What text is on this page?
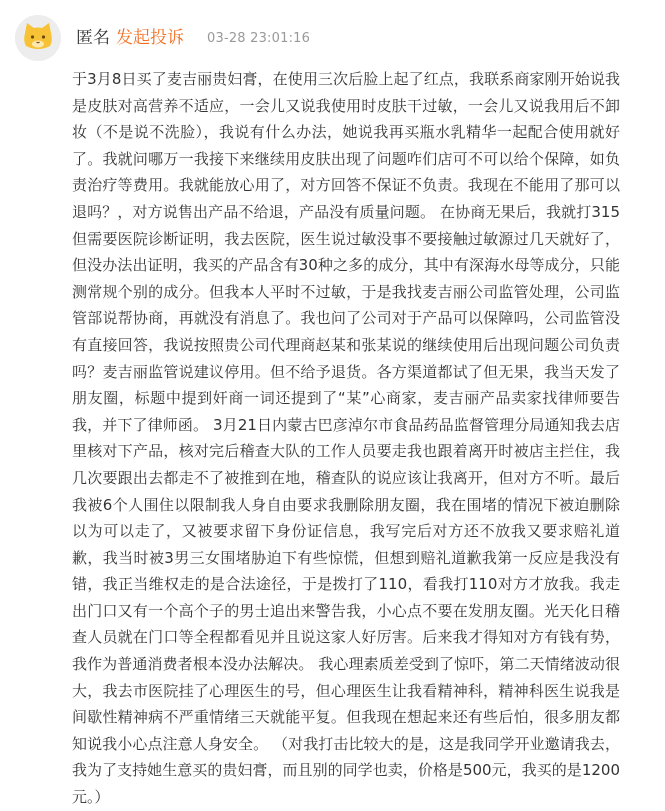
匿名 发起投诉 03-28 23:01:16

于3月8日买了麦吉丽贵妇膏，在使用三次后脸上起了红点，我联系商家刚开始说我是皮肤对高营养不适应，一会儿又说我使用时皮肤干过敏，一会儿又说我用后不卸妆（不是说不洗脸），我说有什么办法，她说我再买瓶水乳精华一起配合使用就好了。我就问哪万一我接下来继续用皮肤出现了问题咋们店可不可以给个保障，如负责治疗等费用。我就能放心用了，对方回答不保证不负责。我现在不能用了那可以退吗？，对方说售出产品不给退，产品没有质量问题。 在协商无果后，我就打315但需要医院诊断证明，我去医院，医生说过敏没事不要接触过敏源过几天就好了，但没办法出证明，我买的产品含有30种之多的成分，其中有深海水母等成分，只能测常规个别的成分。但我本人平时不过敏，于是我找麦吉丽公司监管处理，公司监管部说帮协商，再就没有消息了。我也问了公司对于产品可以保障吗，公司监管没有直接回答，我说按照贵公司代理商赵某和张某说的继续使用后出现问题公司负责吗？麦吉丽监管说建议停用。但不给予退货。各方渠道都试了但无果，我当天发了朋友圈，标题中提到奸商一词还提到了“某”心商家，麦吉丽产品卖家找律师要告我，并下了律师函。 3月21日内蒙古巴彦淖尔市食品药品监督管理分局通知我去店里核对下产品，核对完后稽查大队的工作人员要走我也跟着离开时被店主拦住，我几次要跟出去都走不了被推到在地，稽查队的说应该让我离开，但对方不听。最后我被6个人围住以限制我人身自由要求我删除朋友圈，我在围堵的情况下被迫删除以为可以走了，又被要求留下身份证信息，我写完后对方还不放我又要求赔礼道歉，我当时被3男三女围堵胁迫下有些惊慌，但想到赔礼道歉我第一反应是我没有错，我正当维权走的是合法途径，于是拨打了110，看我打110对方才放我。我走出门口又有一个高个子的男士追出来警告我，小心点不要在发朋友圈。光天化日稽查人员就在门口等全程都看见并且说这家人好厉害。后来我才得知对方有钱有势，我作为普通消费者根本没办法解决。 我心理素质差受到了惊吓，第二天情绪波动很大，我去市医院挂了心理医生的号，但心理医生让我看精神科，精神科医生说我是间歇性精神病不严重情绪三天就能平复。但我现在想起来还有些后怕，很多朋友都知说我小心点注意人身安全。 （对我打击比较大的是，这是我同学开业邀请我去，我为了支持她生意买的贵妇膏，而且别的同学也卖，价格是500元，我买的是1200元。）
